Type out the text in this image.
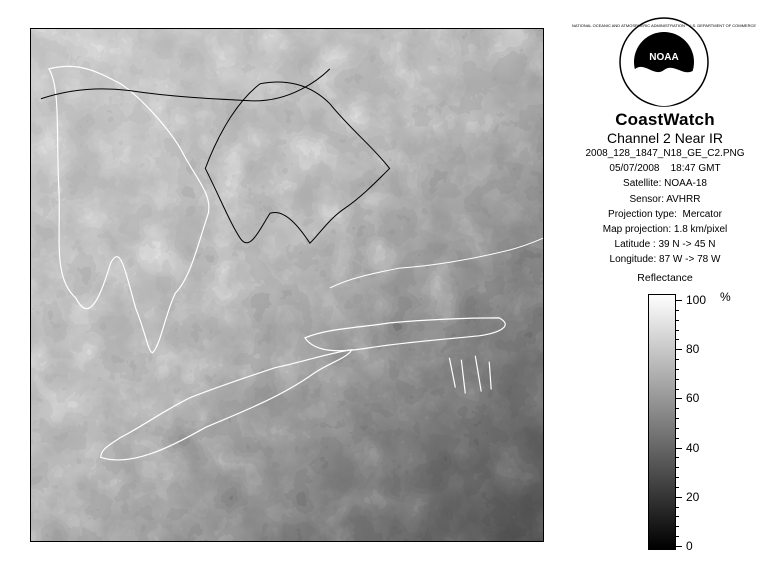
NOAA
NATIONAL OCEANIC AND ATMOSPHERIC ADMINISTRATION · U.S. DEPARTMENT OF COMMERCE
CoastWatch
Channel 2 Near IR
2008_128_1847_N18_GE_C2.PNG
05/07/2008    18:47 GMT
Satellite: NOAA-18
Sensor: AVHRR
Projection type:  Mercator
Map projection: 1.8 km/pixel
Latitude : 39 N -> 45 N
Longitude: 87 W -> 78 W
Reflectance
%
100
80
60
40
20
0
